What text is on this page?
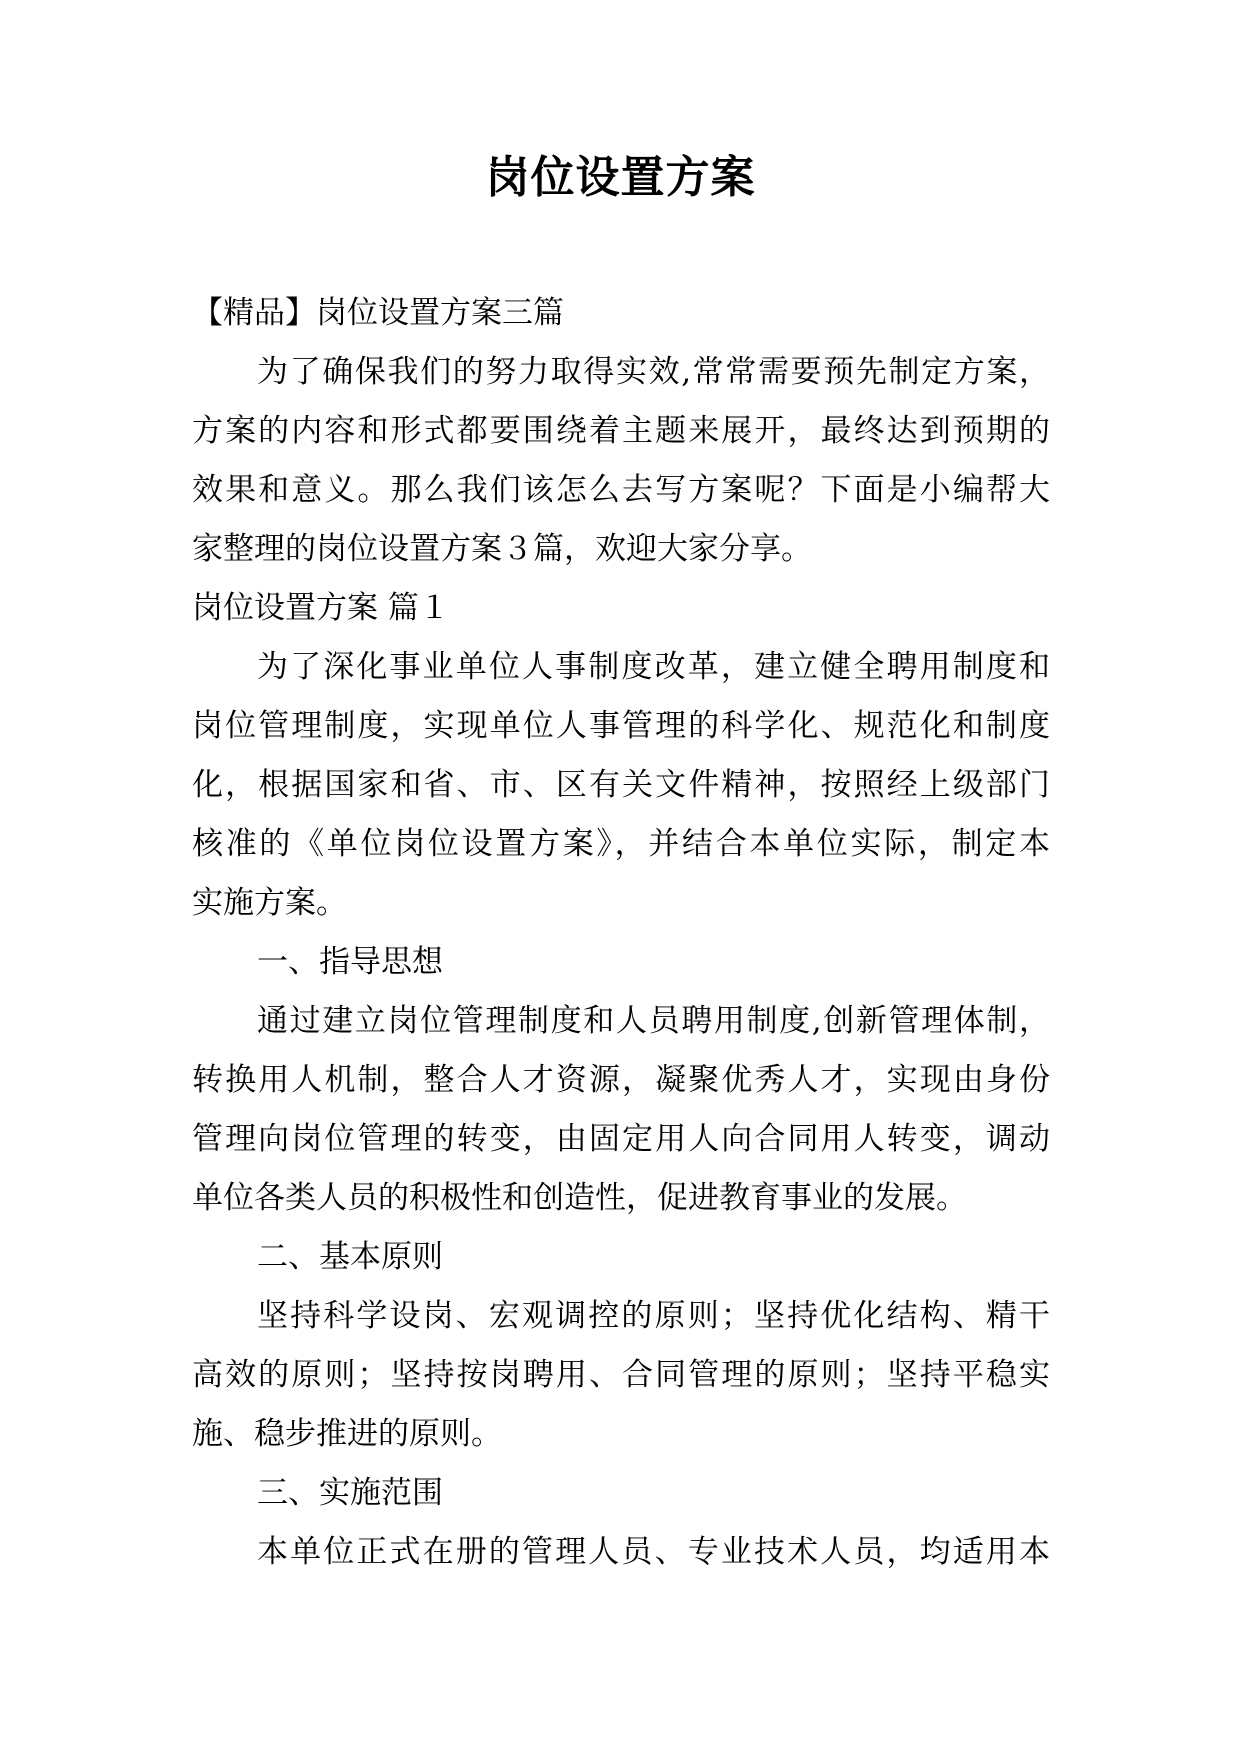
岗位设置方案
【精品】岗位设置方案三篇
为了确保我们的努力取得实效,常常需要预先制定方案，
方案的内容和形式都要围绕着主题来展开，最终达到预期的
效果和意义。那么我们该怎么去写方案呢？下面是小编帮大
家整理的岗位设置方案３篇，欢迎大家分享。
岗位设置方案 篇１
为了深化事业单位人事制度改革，建立健全聘用制度和
岗位管理制度，实现单位人事管理的科学化、规范化和制度
化，根据国家和省、市、区有关文件精神，按照经上级部门
核准的《单位岗位设置方案》，并结合本单位实际，制定本
实施方案。
一、指导思想
通过建立岗位管理制度和人员聘用制度,创新管理体制，
转换用人机制，整合人才资源，凝聚优秀人才，实现由身份
管理向岗位管理的转变，由固定用人向合同用人转变，调动
单位各类人员的积极性和创造性，促进教育事业的发展。
二、基本原则
坚持科学设岗、宏观调控的原则；坚持优化结构、精干
高效的原则；坚持按岗聘用、合同管理的原则；坚持平稳实
施、稳步推进的原则。
三、实施范围
本单位正式在册的管理人员、专业技术人员，均适用本
